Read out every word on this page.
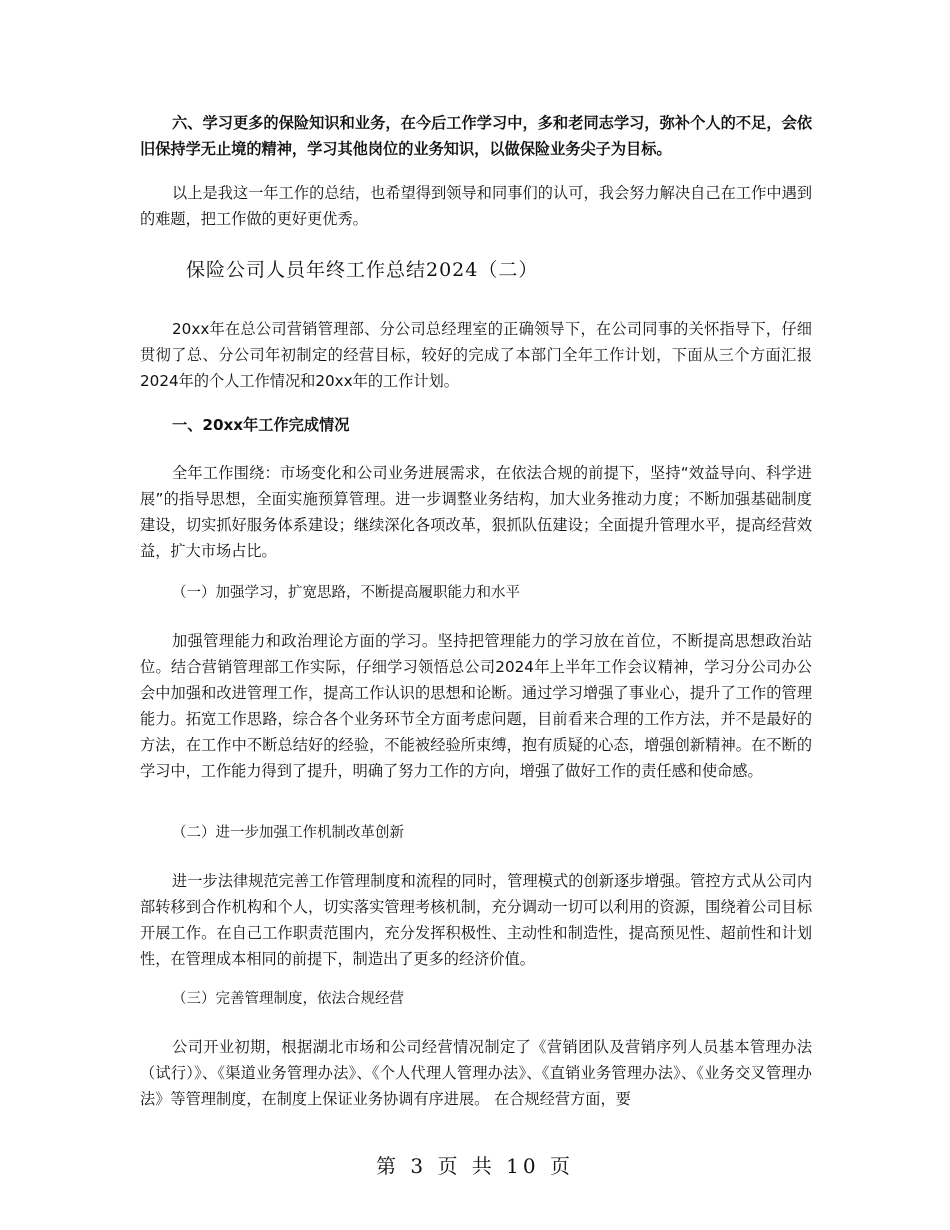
六、学习更多的保险知识和业务，在今后工作学习中，多和老同志学习，弥补个人的不足，会依旧保持学无止境的精神，学习其他岗位的业务知识，以做保险业务尖子为目标。

以上是我这一年工作的总结，也希望得到领导和同事们的认可，我会努力解决自己在工作中遇到的难题，把工作做的更好更优秀。

保险公司人员年终工作总结2024（二）

20xx年在总公司营销管理部、分公司总经理室的正确领导下，在公司同事的关怀指导下，仔细贯彻了总、分公司年初制定的经营目标，较好的完成了本部门全年工作计划，下面从三个方面汇报2024年的个人工作情况和20xx年的工作计划。

一、20xx年工作完成情况

全年工作围绕：市场变化和公司业务进展需求，在依法合规的前提下，坚持“效益导向、科学进展”的指导思想，全面实施预算管理。进一步调整业务结构，加大业务推动力度；不断加强基础制度建设，切实抓好服务体系建设；继续深化各项改革，狠抓队伍建设；全面提升管理水平，提高经营效益，扩大市场占比。

（一）加强学习，扩宽思路，不断提高履职能力和水平

加强管理能力和政治理论方面的学习。坚持把管理能力的学习放在首位，不断提高思想政治站位。结合营销管理部工作实际，仔细学习领悟总公司2024年上半年工作会议精神，学习分公司办公会中加强和改进管理工作，提高工作认识的思想和论断。通过学习增强了事业心，提升了工作的管理能力。拓宽工作思路，综合各个业务环节全方面考虑问题，目前看来合理的工作方法，并不是最好的方法，在工作中不断总结好的经验，不能被经验所束缚，抱有质疑的心态，增强创新精神。在不断的学习中，工作能力得到了提升，明确了努力工作的方向，增强了做好工作的责任感和使命感。

（二）进一步加强工作机制改革创新

进一步法律规范完善工作管理制度和流程的同时，管理模式的创新逐步增强。管控方式从公司内部转移到合作机构和个人，切实落实管理考核机制，充分调动一切可以利用的资源，围绕着公司目标开展工作。在自己工作职责范围内，充分发挥积极性、主动性和制造性，提高预见性、超前性和计划性，在管理成本相同的前提下，制造出了更多的经济价值。

（三）完善管理制度，依法合规经营

公司开业初期，根据湖北市场和公司经营情况制定了《营销团队及营销序列人员基本管理办法（试行）》、《渠道业务管理办法》、《个人代理人管理办法》、《直销业务管理办法》、《业务交叉管理办法》等管理制度，在制度上保证业务协调有序进展。 在合规经营方面，要

第 3 页 共 10 页
